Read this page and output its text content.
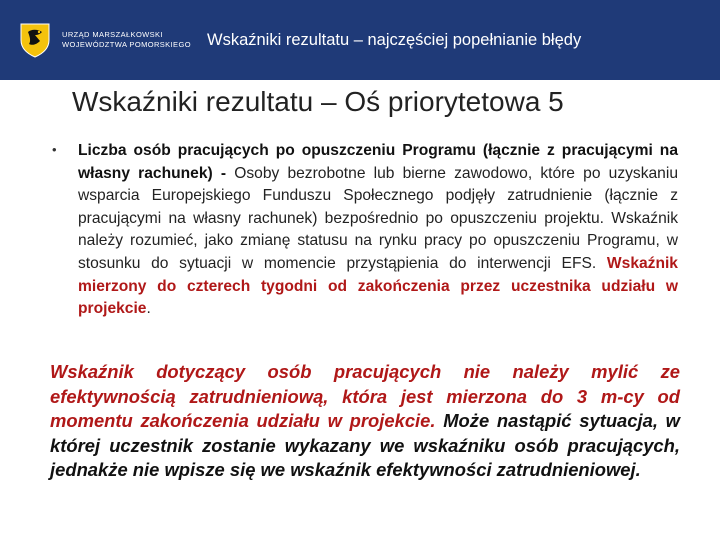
URZĄD MARSZAŁKOWSKI
WOJEWÓDZTWA POMORSKIEGO Wskaźniki rezultatu – najczęściej popełnianie błędy
Wskaźniki rezultatu – Oś priorytetowa 5
• Liczba osób pracujących po opuszczeniu Programu (łącznie z pracującymi na własny rachunek) - Osoby bezrobotne lub bierne zawodowo, które po uzyskaniu wsparcia Europejskiego Funduszu Społecznego podjęły zatrudnienie (łącznie z pracującymi na własny rachunek) bezpośrednio po opuszczeniu projektu. Wskaźnik należy rozumieć, jako zmianę statusu na rynku pracy po opuszczeniu Programu, w stosunku do sytuacji w momencie przystąpienia do interwencji EFS. Wskaźnik mierzony do czterech tygodni od zakończenia przez uczestnika udziału w projekcie.
Wskaźnik dotyczący osób pracujących nie należy mylić ze efektywnością zatrudnieniową, która jest mierzona do 3 m-cy od momentu zakończenia udziału w projekcie. Może nastąpić sytuacja, w której uczestnik zostanie wykazany we wskaźniku osób pracujących, jednakże nie wpisze się we wskaźnik efektywności zatrudnieniowej.
